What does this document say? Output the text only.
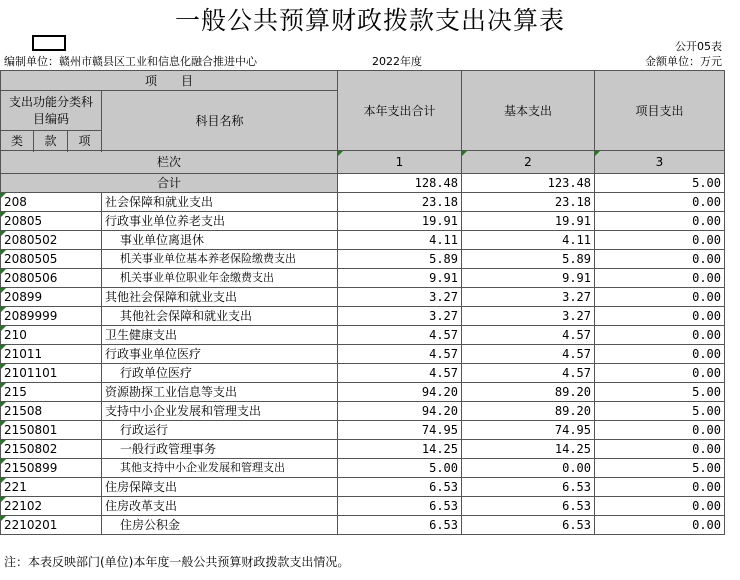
一般公共预算财政拨款支出决算表
公开05表
编制单位：赣州市赣县区工业和信息化融合推进中心	2022年度	金额单位：万元
项　　目				本年支出合计	基本支出	项目支出
支出功能分类科目编码			科目名称			
类	款	项				

栏次				1	2	3
合计				128.48	123.48	5.00
208			社会保障和就业支出	23.18	23.18	0.00
20805			行政事业单位养老支出	19.91	19.91	0.00
2080502			事业单位离退休	4.11	4.11	0.00
2080505			机关事业单位基本养老保险缴费支出	5.89	5.89	0.00
2080506			机关事业单位职业年金缴费支出	9.91	9.91	0.00
20899			其他社会保障和就业支出	3.27	3.27	0.00
2089999			其他社会保障和就业支出	3.27	3.27	0.00
210			卫生健康支出	4.57	4.57	0.00
21011			行政事业单位医疗	4.57	4.57	0.00
2101101			行政单位医疗	4.57	4.57	0.00
215			资源勘探工业信息等支出	94.20	89.20	5.00
21508			支持中小企业发展和管理支出	94.20	89.20	5.00
2150801			行政运行	74.95	74.95	0.00
2150802			一般行政管理事务	14.25	14.25	0.00
2150899			其他支持中小企业发展和管理支出	5.00	0.00	5.00
221			住房保障支出	6.53	6.53	0.00
22102			住房改革支出	6.53	6.53	0.00
2210201			住房公积金	6.53	6.53	0.00
注：本表反映部门(单位)本年度一般公共预算财政拨款支出情况。
